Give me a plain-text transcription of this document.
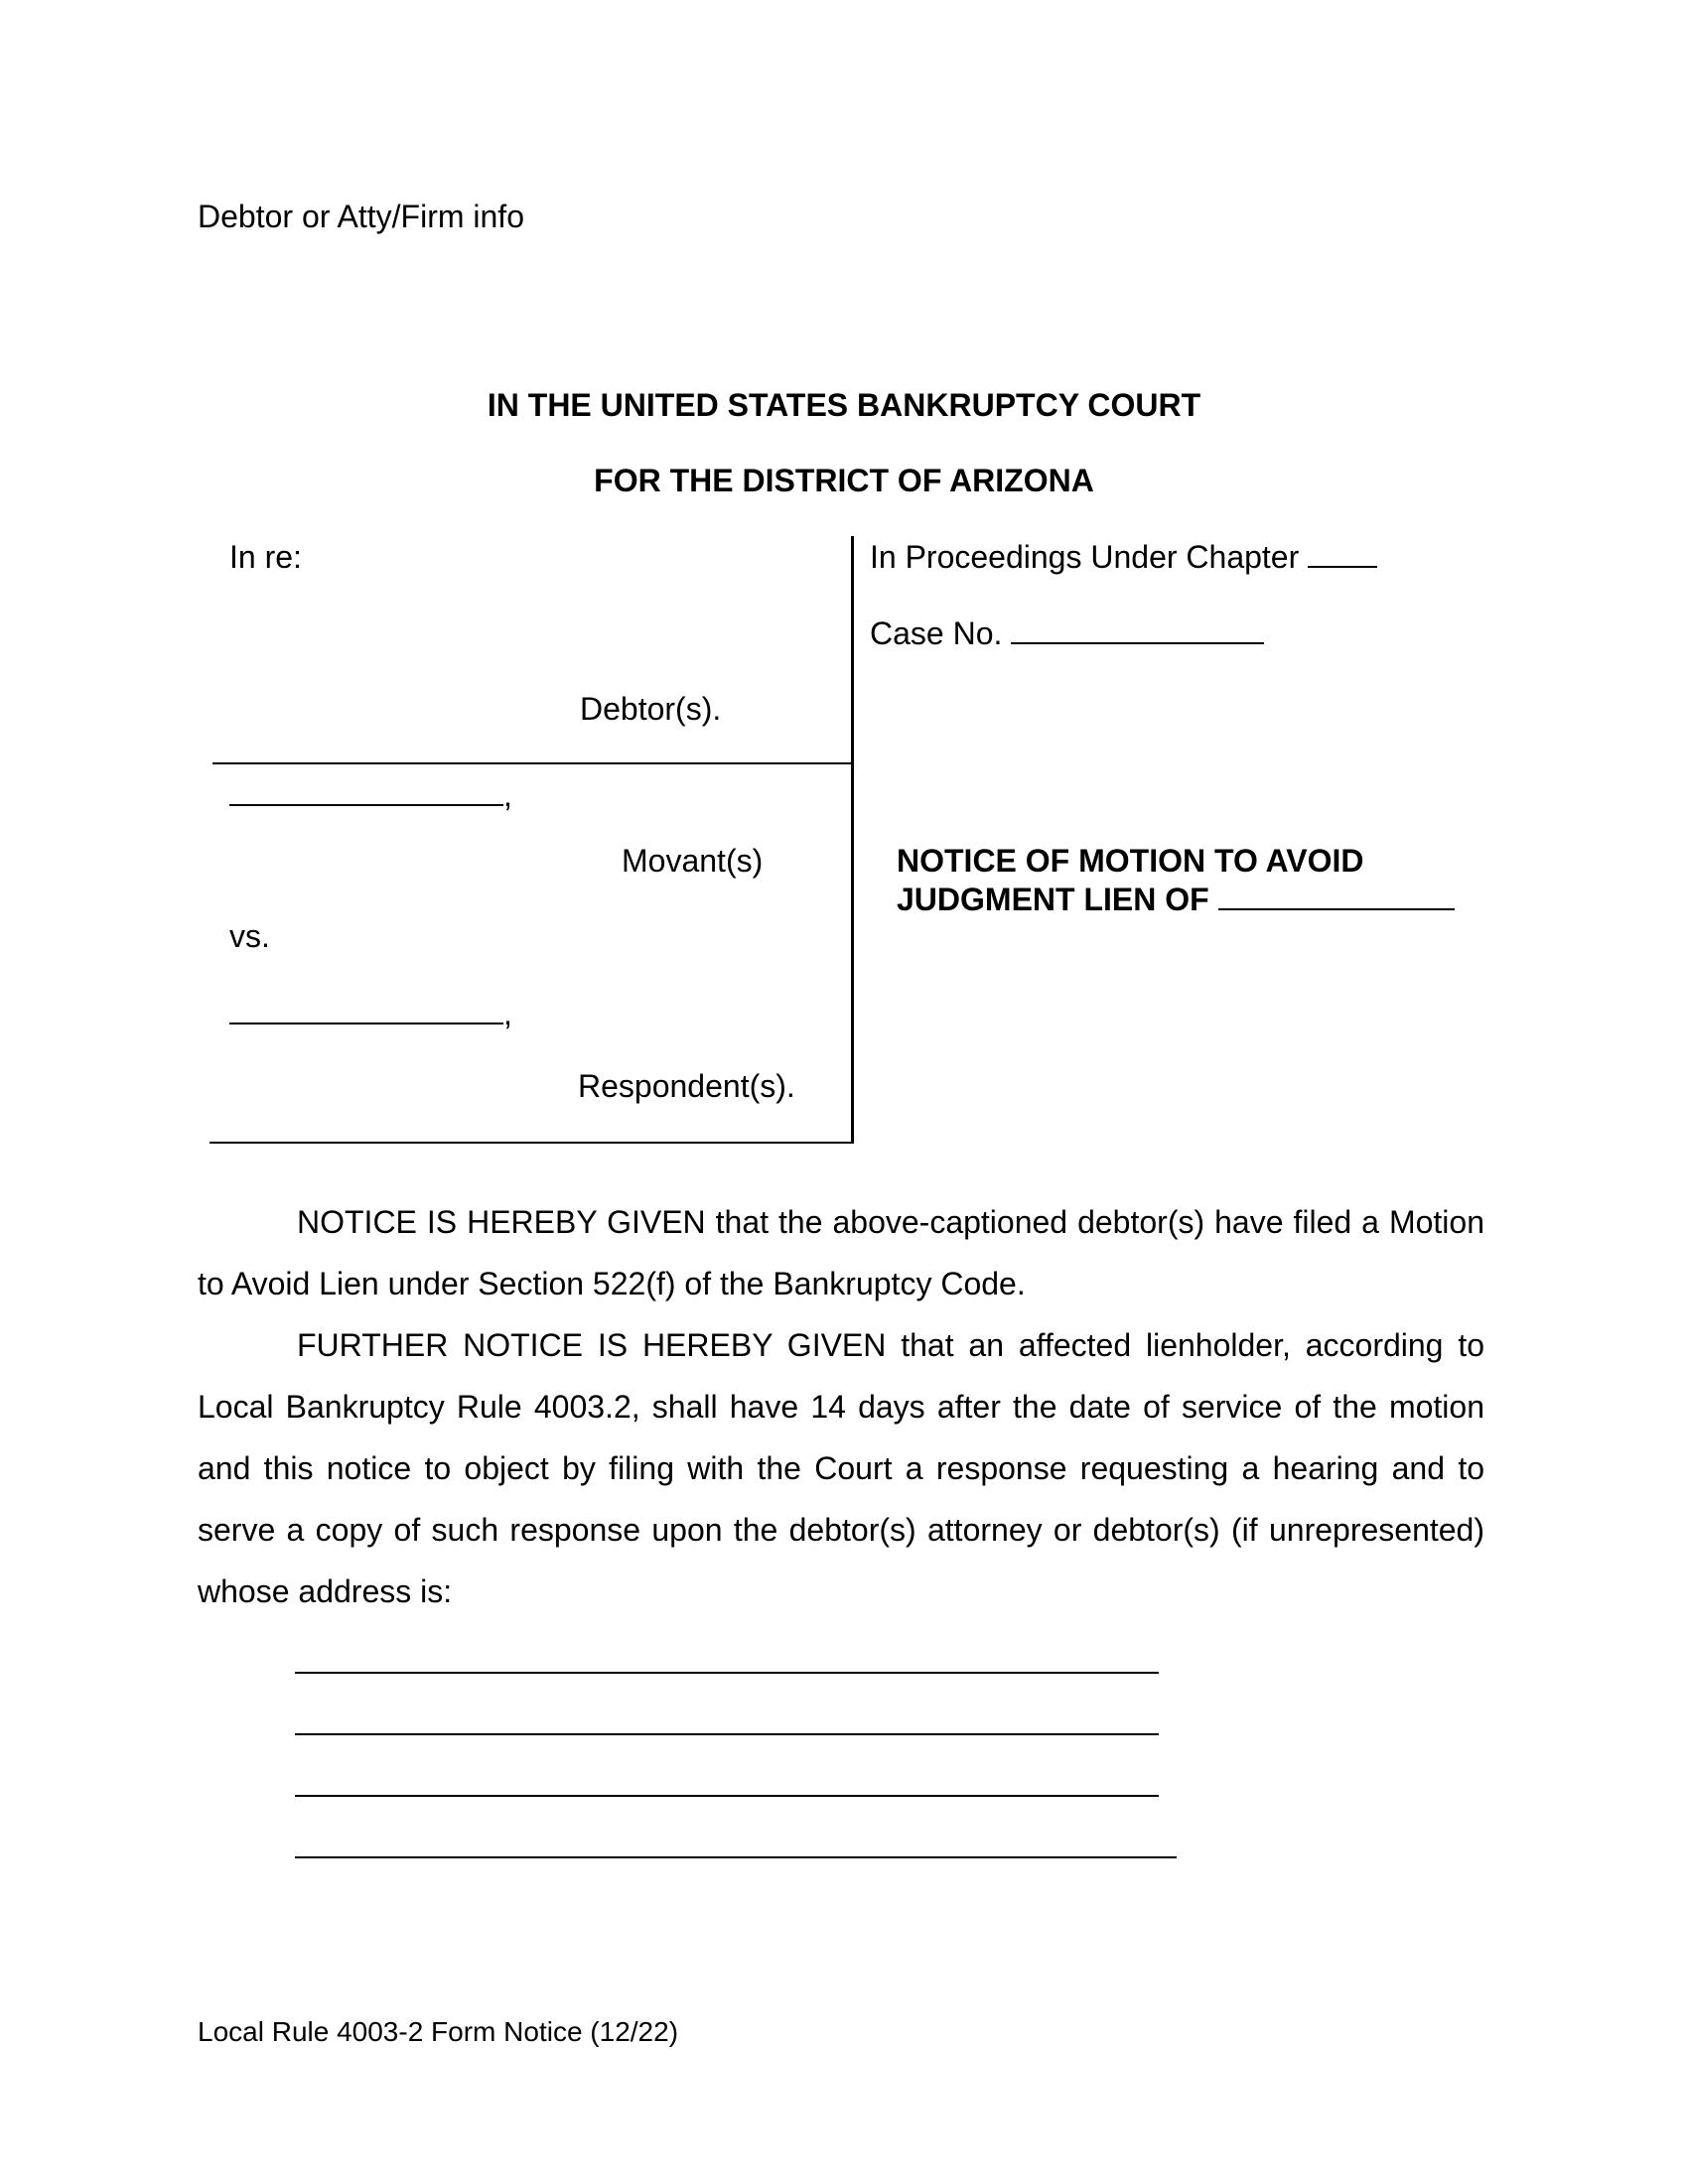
Debtor or Atty/Firm info
IN THE UNITED STATES BANKRUPTCY COURT
FOR THE DISTRICT OF ARIZONA
In re:
Debtor(s).
,
Movant(s)
vs.
,
Respondent(s).
In Proceedings Under Chapter
Case No.
NOTICE OF MOTION TO AVOID
JUDGMENT LIEN OF

NOTICE IS HEREBY GIVEN that the above-captioned debtor(s) have filed a Motion to Avoid Lien under Section 522(f) of the Bankruptcy Code.

FURTHER NOTICE IS HEREBY GIVEN that an affected lienholder, according to Local Bankruptcy Rule 4003.2, shall have 14 days after the date of service of the motion and this notice to object by filing with the Court a response requesting a hearing and to serve a copy of such response upon the debtor(s) attorney or debtor(s) (if unrepresented) whose address is:

Local Rule 4003-2 Form Notice (12/22)
